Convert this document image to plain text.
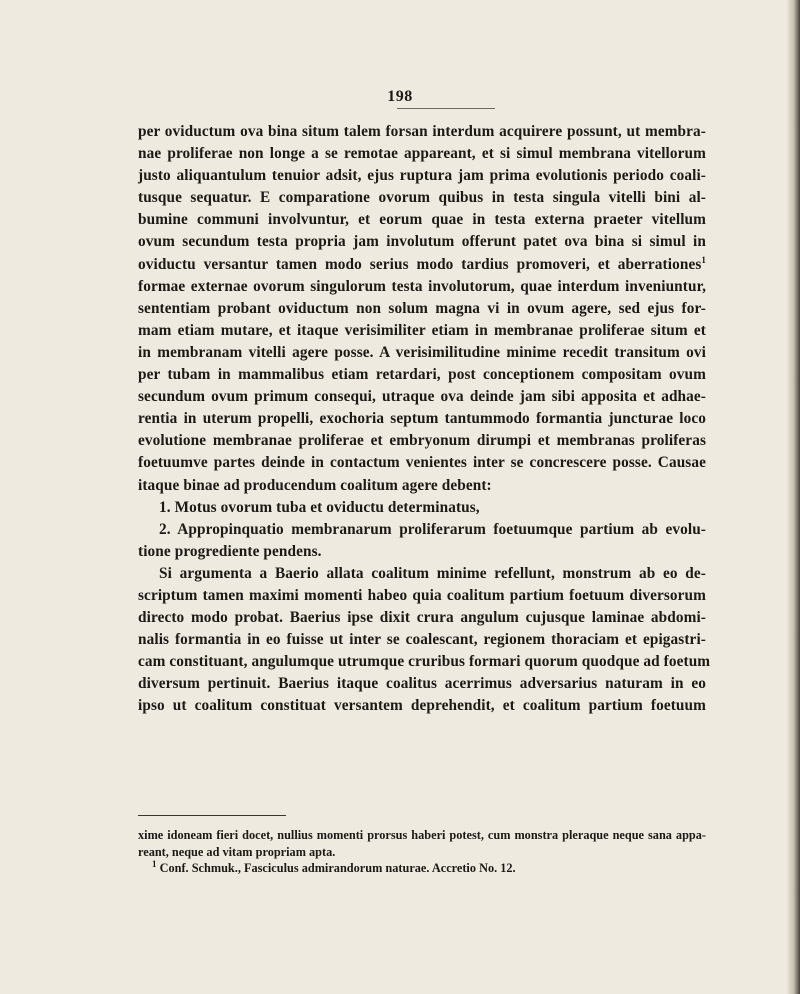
198
per oviductum ova bina situm talem forsan interdum acquirere possunt, ut membra-
nae proliferae non longe a se remotae appareant, et si simul membrana vitellorum
justo aliquantulum tenuior adsit, ejus ruptura jam prima evolutionis periodo coali-
tusque sequatur. E comparatione ovorum quibus in testa singula vitelli bini al-
bumine communi involvuntur, et eorum quae in testa externa praeter vitellum
ovum secundum testa propria jam involutum offerunt patet ova bina si simul in
oviductu versantur tamen modo serius modo tardius promoveri, et aberrationes$^1$
formae externae ovorum singulorum testa involutorum, quae interdum inveniuntur,
sententiam probant oviductum non solum magna vi in ovum agere, sed ejus for-
mam etiam mutare, et itaque verisimiliter etiam in membranae proliferae situm et
in membranam vitelli agere posse. A verisimilitudine minime recedit transitum ovi
per tubam in mammalibus etiam retardari, post conceptionem compositam ovum
secundum ovum primum consequi, utraque ova deinde jam sibi apposita et adhae-
rentia in uterum propelli, exochoria septum tantummodo formantia juncturae loco
evolutione membranae proliferae et embryonum dirumpi et membranas proliferas
foetuumve partes deinde in contactum venientes inter se concrescere posse. Causae
itaque binae ad producendum coalitum agere debent:
1. Motus ovorum tuba et oviductu determinatus,
2. Appropinquatio membranarum proliferarum foetuumque partium ab evolu-
tione progrediente pendens.
Si argumenta a Baerio allata coalitum minime refellunt, monstrum ab eo de-
scriptum tamen maximi momenti habeo quia coalitum partium foetuum diversorum
directo modo probat. Baerius ipse dixit crura angulum cujusque laminae abdomi-
nalis formantia in eo fuisse ut inter se coalescant, regionem thoraciam et epigastri-
cam constituant, angulumque utrumque cruribus formari quorum quodque ad foetum
diversum pertinuit. Baerius itaque coalitus acerrimus adversarius naturam in eo
ipso ut coalitum constituat versantem deprehendit, et coalitum partium foetuum
xime idoneam fieri docet, nullius momenti prorsus haberi potest, cum monstra pleraque neque sana appa-
reant, neque ad vitam propriam apta.
$^1$ Conf. Schmuk., Fasciculus admirandorum naturae. Accretio No. 12.
